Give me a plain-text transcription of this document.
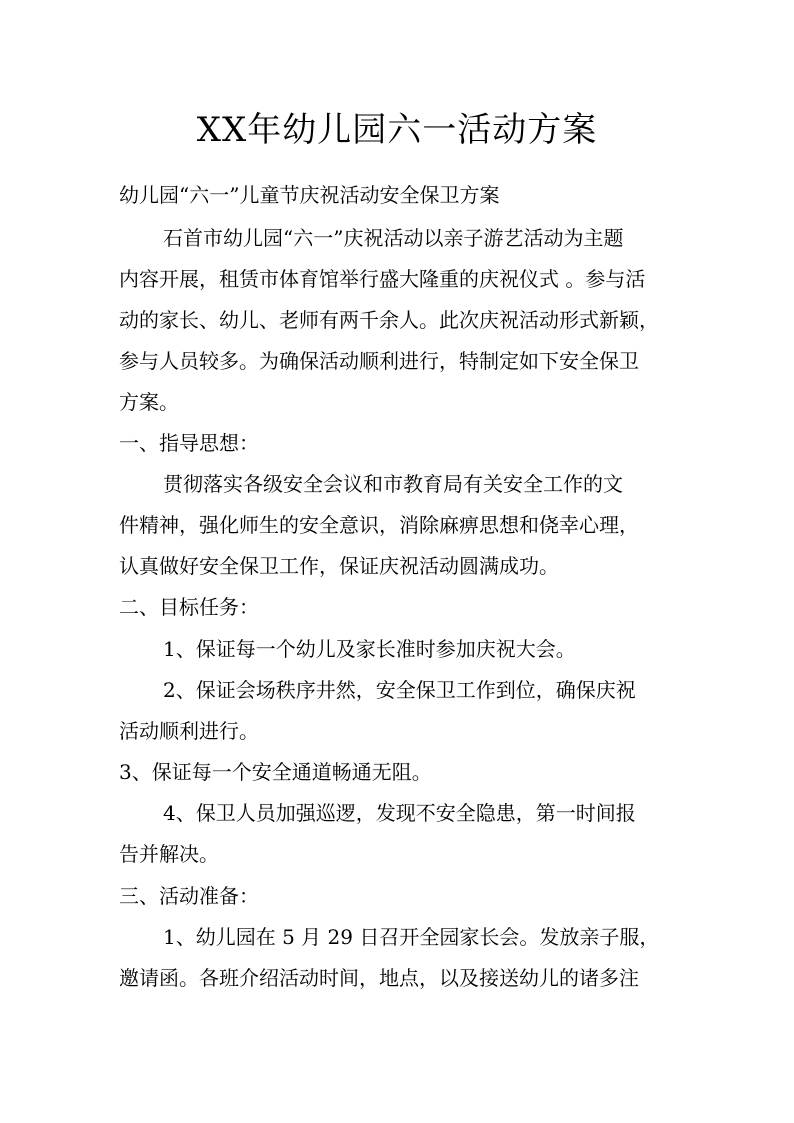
XX年幼儿园六一活动方案
幼儿园“六一”儿童节庆祝活动安全保卫方案
石首市幼儿园“六一”庆祝活动以亲子游艺活动为主题
内容开展，租赁市体育馆举行盛大隆重的庆祝仪式 。参与活
动的家长、幼儿、老师有两千余人。此次庆祝活动形式新颖，
参与人员较多。为确保活动顺利进行，特制定如下安全保卫
方案。
一、指导思想：
贯彻落实各级安全会议和市教育局有关安全工作的文
件精神，强化师生的安全意识，消除麻痹思想和侥幸心理，
认真做好安全保卫工作，保证庆祝活动圆满成功。
二、目标任务：
1、保证每一个幼儿及家长准时参加庆祝大会。
2、保证会场秩序井然，安全保卫工作到位，确保庆祝
活动顺利进行。
3、保证每一个安全通道畅通无阻。
4、保卫人员加强巡逻，发现不安全隐患，第一时间报
告并解决。
三、活动准备：
1、幼儿园在 5 月 29 日召开全园家长会。发放亲子服，
邀请函。各班介绍活动时间，地点，以及接送幼儿的诸多注
